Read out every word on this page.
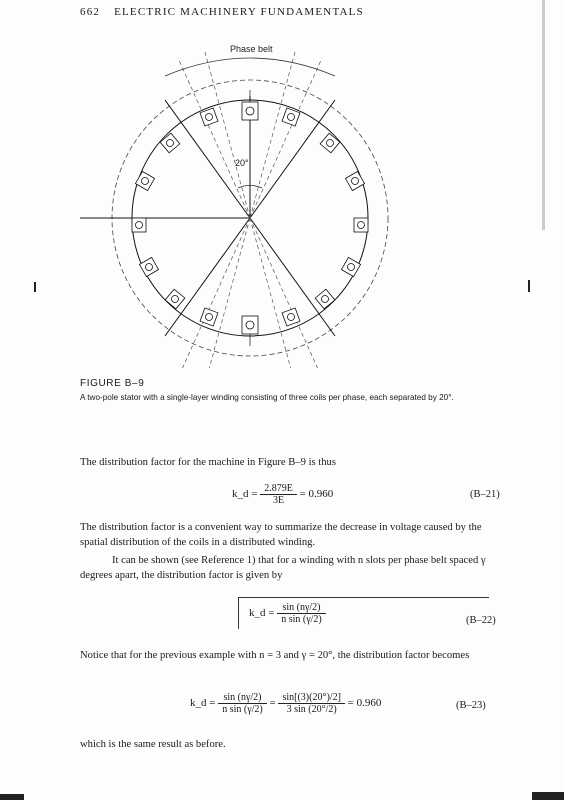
662 ELECTRIC MACHINERY FUNDAMENTALS
Phase belt
20°
FIGURE B–9
A two-pole stator with a single-layer winding consisting of three coils per phase, each separated by 20°.
The distribution factor for the machine in Figure B–9 is thus
k_d = $\frac{2.879E}{3E} = 0.960$	(B–21)
The distribution factor is a convenient way to summarize the decrease in voltage caused by the spatial distribution of the coils in a distributed winding.
It can be shown (see Reference 1) that for a winding with n slots per phase belt spaced γ degrees apart, the distribution factor is given by
k_d = $\frac{\sin (n\gamma/2)}{\text{n sin (γ/2)}}$	(B–22)
Notice that for the previous example with n = 3 and γ = 20°, the distribution factor becomes
k_d = $\frac{\sin (n\gamma/2)}{\text{n sin (γ/2)}} = \frac{\sin[(3)(20^\circ)/2]}{3 \sin (20^\circ/2)} = 0.960$	(B–23)
which is the same result as before.
